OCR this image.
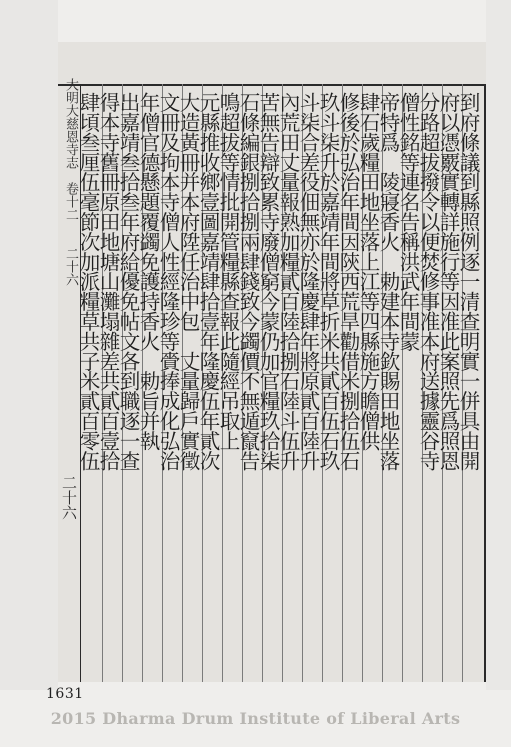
大明大慈恩寺志　卷十二　　二十六
二十六
到府條議到縣照例逐一清查明實一併具由開
府以憑覈實轉詳施行等因准此案照先爲照恩
分路超拔撥令以便焚修事准本府送據靈谷寺
僧性銘等連名告稱洪武年間蒙
帝特爲　陵寢香火　勅建本寺欽賜田地坐落
肆石歲糧田地坐落上江等四縣施方瞻僧供
修後於弘治年間因陝西荒旱勸借米捌拾伍石
玖斗柒升於嘉靖年間將草折米共貳百伍石玖
斗柒合差役佃無亦於隆慶肆年將原貳百陸升
內荒田丈量報熟加糧貳百陸拾捌石陸斗伍升
苦無告辯致累寺廢僧窮今蒙仍加官糧玖拾柒
石條編銀捌拾捌兩肆錢致今蠲價不無遁竄告
鳴超拔等情批開管糧縣查報此隨經吊取上
元縣推收鄉壹圖嘉靖肆拾壹年隆慶伍年貳次
大造黃冊并本府陞任治中包　丈量歸戶實徵
文冊及拘本寺僧人性經隆珍等賫捧成化弘治
年僧官德懸題覆蠲免護持香火　勅旨并執
出嘉靖叁拾叁年府給優免帖文各到職逐一查
得本寺舊冊原田地塘山灘塌雜差共貳百壹拾
肆頃叁厘伍毫節次加派糧草共子米貳百零伍
1631
2015 Dharma Drum Institute of Liberal Arts
